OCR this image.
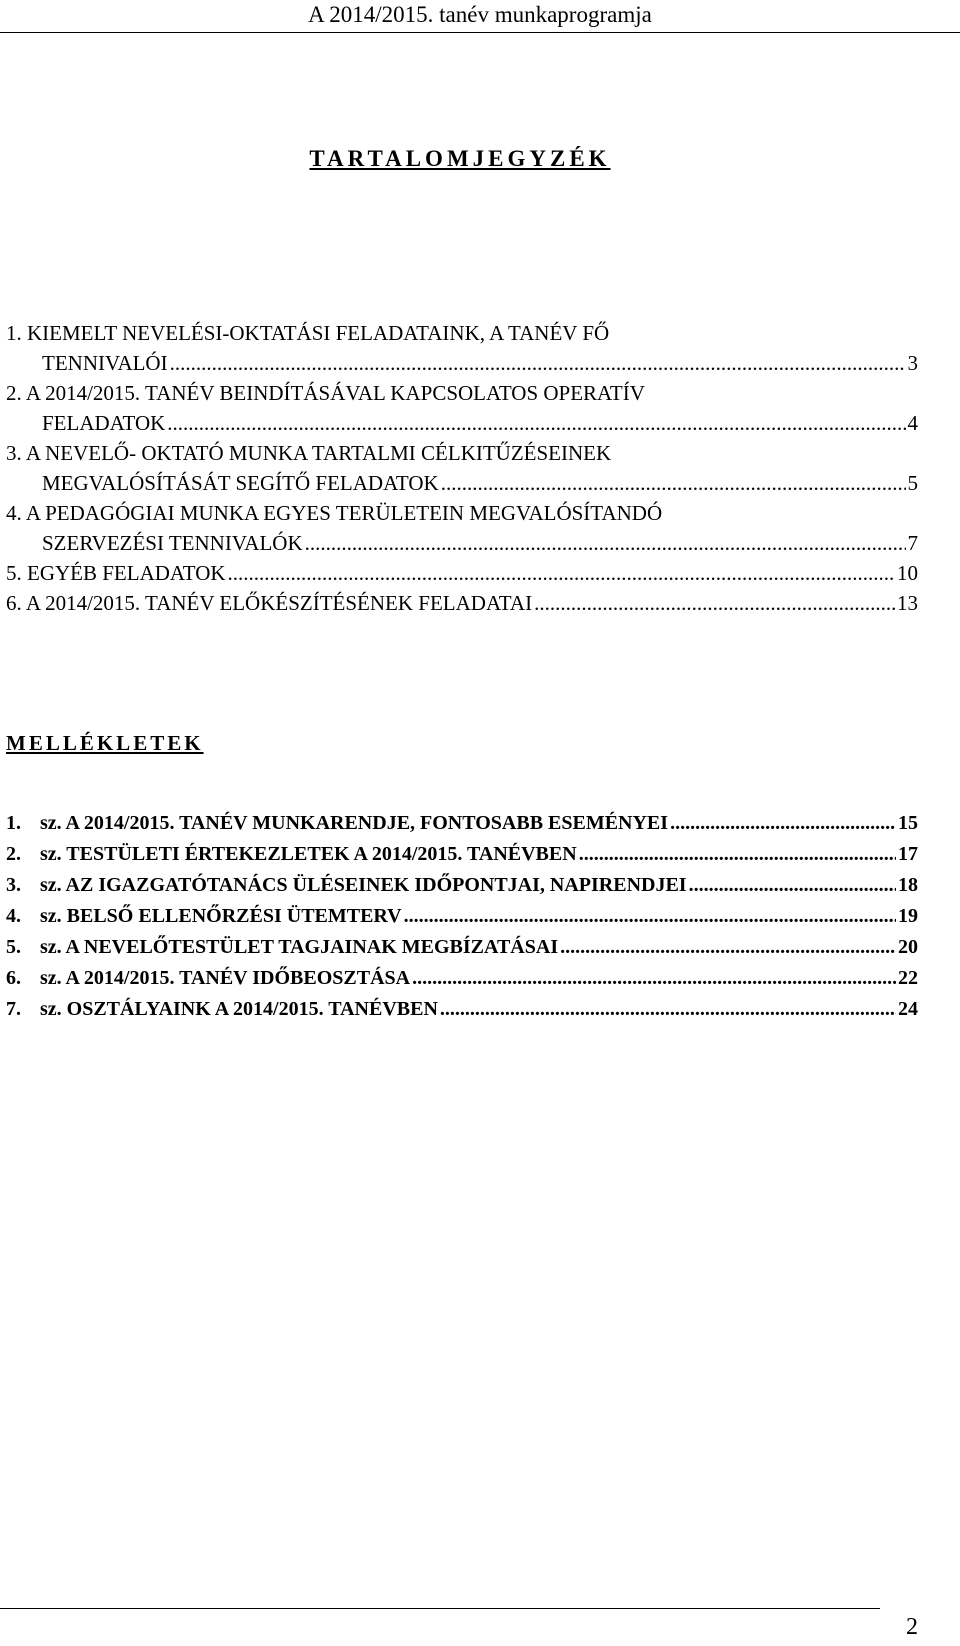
A 2014/2015. tanév munkaprogramja
TARTALOMJEGYZÉK
1. KIEMELT NEVELÉSI-OKTATÁSI FELADATAINK, A TANÉV FŐ
TENNIVALÓI .....	3
2. A 2014/2015. TANÉV BEINDÍTÁSÁVAL KAPCSOLATOS OPERATÍV
FELADATOK .....	4
3. A NEVELŐ- OKTATÓ MUNKA TARTALMI CÉLKITŰZÉSEINEK
MEGVALÓSÍTÁSÁT SEGÍTŐ FELADATOK .....	5
4. A PEDAGÓGIAI MUNKA EGYES TERÜLETEIN MEGVALÓSÍTANDÓ
SZERVEZÉSI TENNIVALÓK .....	7
5. EGYÉB FELADATOK .....	10
6. A 2014/2015. TANÉV ELŐKÉSZÍTÉSÉNEK FELADATAI .....	13
MELLÉKLETEK
1. sz. A 2014/2015. TANÉV MUNKARENDJE, FONTOSABB ESEMÉNYEI .....	15
2. sz. TESTÜLETI ÉRTEKEZLETEK A 2014/2015. TANÉVBEN .....	17
3. sz. AZ IGAZGATÓTANÁCS ÜLÉSEINEK IDŐPONTJAI, NAPIRENDJEI .....	18
4. sz. BELSŐ ELLENŐRZÉSI ÜTEMTERV .....	19
5. sz. A NEVELŐTESTÜLET TAGJAINAK MEGBÍZATÁSAI .....	20
6. sz. A 2014/2015. TANÉV IDŐBEOSZTÁSA .....	22
7. sz. OSZTÁLYAINK A 2014/2015. TANÉVBEN .....	24
2
